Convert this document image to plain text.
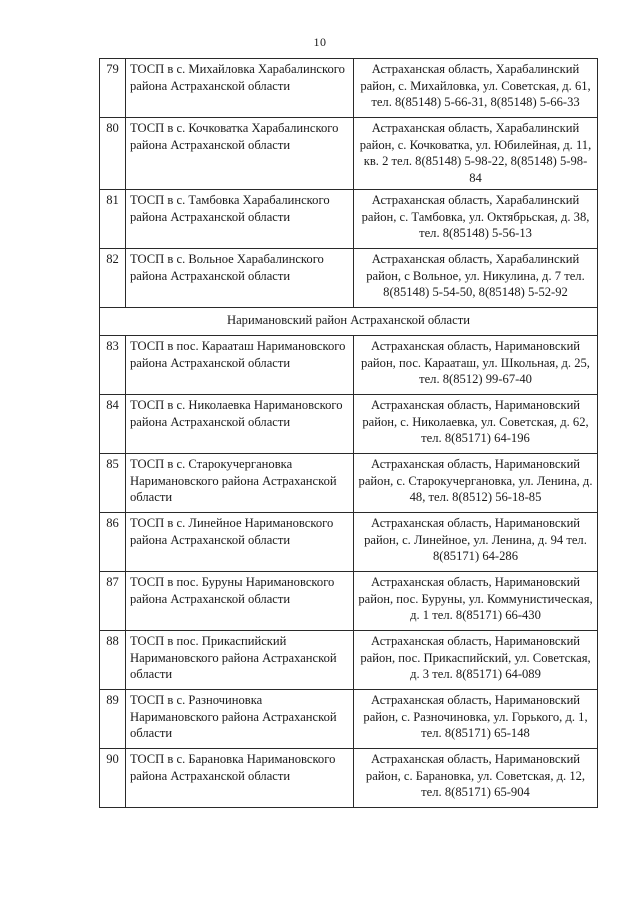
10
79	ТОСП в с. Михайловка Харабалинского района Астраханской области	Астраханская область, Харабалинский район, с. Михайловка, ул. Советская, д. 61, тел. 8(85148) 5-66-31, 8(85148) 5-66-33
80	ТОСП в с. Кочковатка Харабалинского района Астраханской области	Астраханская область, Харабалинский район, с. Кочковатка, ул. Юбилейная, д. 11, кв. 2 тел. 8(85148) 5-98-22, 8(85148) 5-98-84
81	ТОСП в с. Тамбовка Харабалинского района Астраханской области	Астраханская область, Харабалинский район, с. Тамбовка, ул. Октябрьская, д. 38, тел. 8(85148) 5-56-13
82	ТОСП в с. Вольное Харабалинского района Астраханской области	Астраханская область, Харабалинский район, с Вольное, ул. Никулина, д. 7 тел. 8(85148) 5-54-50, 8(85148) 5-52-92
Наримановский район Астраханской области		
83	ТОСП в пос. Карааташ Наримановского района Астраханской области	Астраханская область, Наримановский район, пос. Карааташ, ул. Школьная, д. 25, тел. 8(8512) 99-67-40
84	ТОСП в с. Николаевка Наримановского района Астраханской области	Астраханская область, Наримановский район, с. Николаевка, ул. Советская, д. 62, тел. 8(85171) 64-196
85	ТОСП в с. Старокучергановка Наримановского района Астраханской области	Астраханская область, Наримановский район, с. Старокучергановка, ул. Ленина, д. 48, тел. 8(8512) 56-18-85
86	ТОСП в с. Линейное Наримановского района Астраханской области	Астраханская область, Наримановский район, с. Линейное, ул. Ленина, д. 94 тел. 8(85171) 64-286
87	ТОСП в пос. Буруны Наримановского района Астраханской области	Астраханская область, Наримановский район, пос. Буруны, ул. Коммунистическая, д. 1 тел. 8(85171) 66-430
88	ТОСП в пос. Прикаспийский Наримановского района Астраханской области	Астраханская область, Наримановский район, пос. Прикаспийский, ул. Советская, д. 3 тел. 8(85171) 64-089
89	ТОСП в с. Разночиновка Наримановского района Астраханской области	Астраханская область, Наримановский район, с. Разночиновка, ул. Горького, д. 1, тел. 8(85171) 65-148
90	ТОСП в с. Барановка Наримановского района Астраханской области	Астраханская область, Наримановский район, с. Барановка, ул. Советская, д. 12, тел. 8(85171) 65-904
